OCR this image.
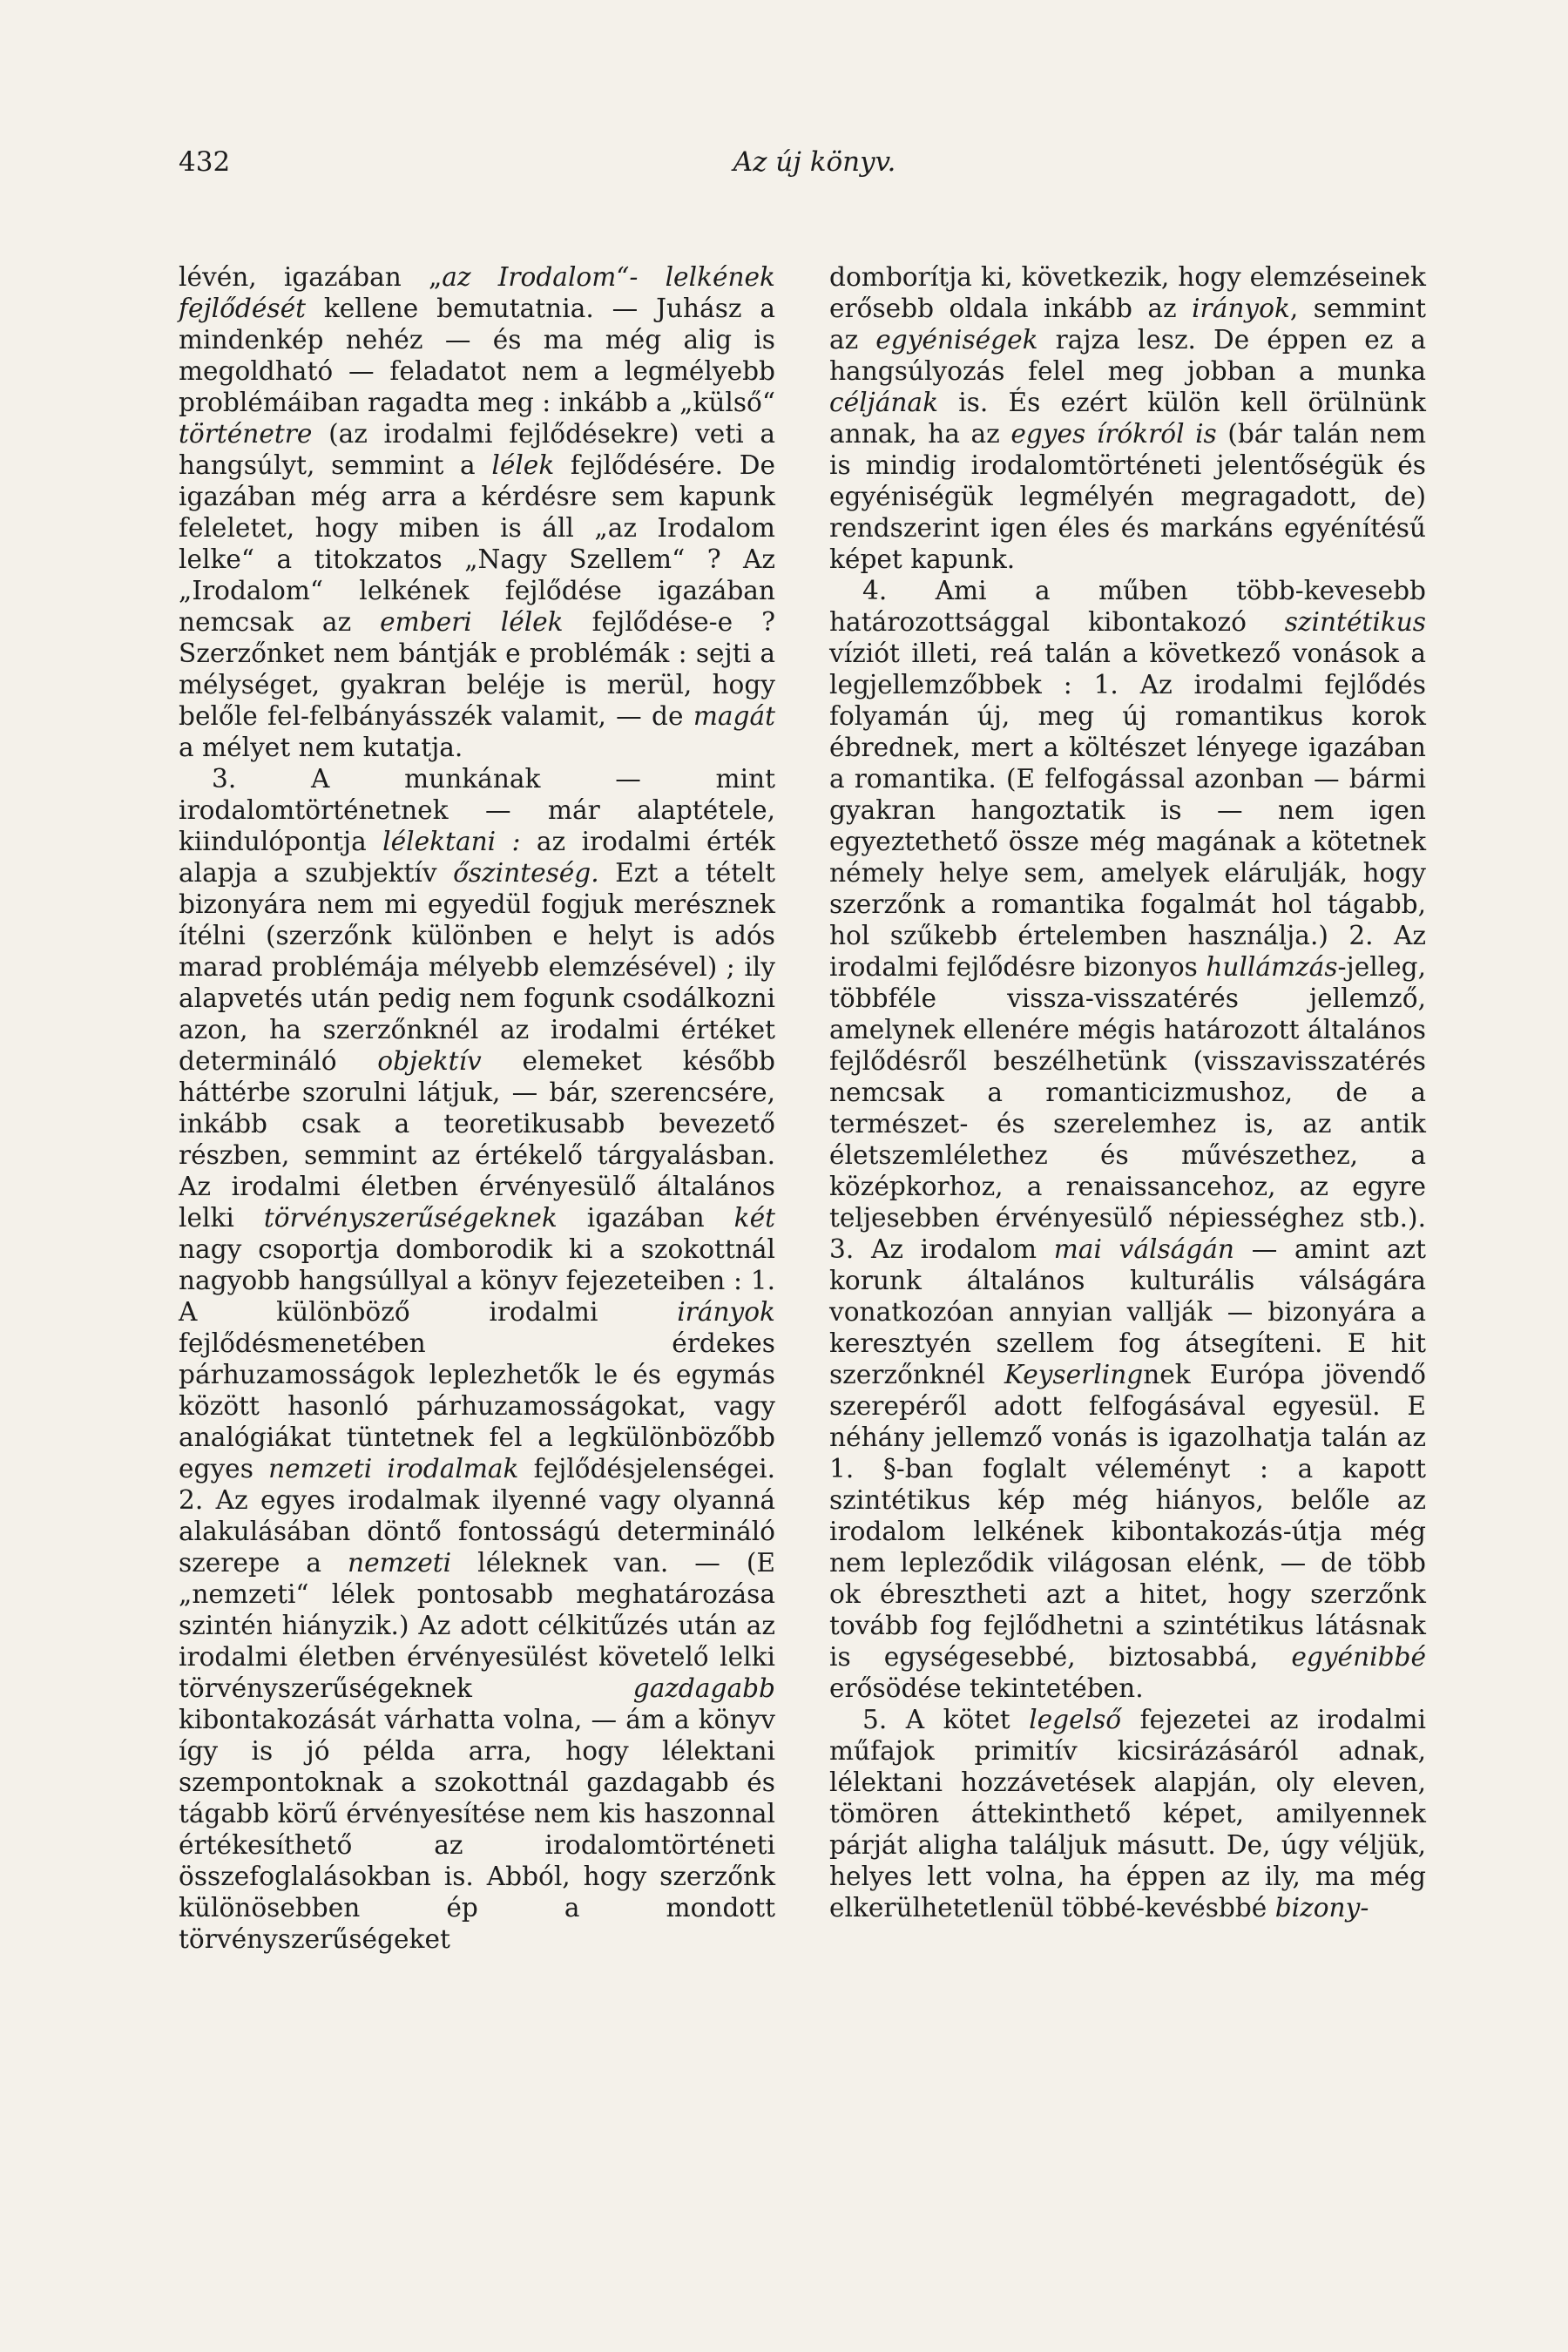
432	Az új könyv.

lévén, igazában „az Irodalom“- lelkének fejlődését kellene bemutatnia. — Juhász a mindenkép nehéz — és ma még alig is megoldható — feladatot nem a legmélyebb problémáiban ragadta meg : inkább a „külső“ történetre (az irodalmi fejlődésekre) veti a hangsúlyt, semmint a lélek fejlődésére. De igazában még arra a kérdésre sem kapunk feleletet, hogy miben is áll „az Irodalom lelke“ a titokzatos „Nagy Szellem“ ? Az „Irodalom“ lelkének fejlődése igazában nemcsak az emberi lélek fejlődése-e ? Szerzőnket nem bántják e problémák : sejti a mélységet, gyakran beléje is merül, hogy belőle fel-felbányásszék valamit, — de magát a mélyet nem kutatja.

3. A munkának — mint irodalomtörténetnek — már alaptétele, kiindulópontja lélektani : az irodalmi érték alapja a szubjektív őszinteség. Ezt a tételt bizonyára nem mi egyedül fogjuk merésznek ítélni (szerzőnk különben e helyt is adós marad problémája mélyebb elemzésével) ; ily alapvetés után pedig nem fogunk csodálkozni azon, ha szerzőnknél az irodalmi értéket determináló objektív elemeket később háttérbe szorulni látjuk, — bár, szerencsére, inkább csak a teoretikusabb bevezető részben, semmint az értékelő tárgyalásban. Az irodalmi életben érvényesülő általános lelki törvényszerűségeknek igazában két nagy csoportja domborodik ki a szokottnál nagyobb hangsúllyal a könyv fejezeteiben : 1. A különböző irodalmi irányok fejlődésmenetében érdekes párhuzamosságok leplezhetők le és egymás között hasonló párhuzamosságokat, vagy analógiákat tüntetnek fel a legkülönbözőbb egyes nemzeti irodalmak fejlődésjelenségei. 2. Az egyes irodalmak ilyenné vagy olyanná alakulásában döntő fontosságú determináló szerepe a nemzeti léleknek van. — (E „nemzeti“ lélek pontosabb meghatározása szintén hiányzik.) Az adott célkitűzés után az irodalmi életben érvényesülést követelő lelki törvényszerűségeknek gazdagabb kibontakozását várhatta volna, — ám a könyv így is jó példa arra, hogy lélektani szempontoknak a szokottnál gazdagabb és tágabb körű érvényesítése nem kis haszonnal értékesíthető az irodalomtörténeti összefoglalásokban is. Abból, hogy szerzőnk különösebben ép a mondott törvényszerűségeket

domborítja ki, következik, hogy elemzéseinek erősebb oldala inkább az irányok, semmint az egyéniségek rajza lesz. De éppen ez a hangsúlyozás felel meg jobban a munka céljának is. És ezért külön kell örülnünk annak, ha az egyes írókról is (bár talán nem is mindig irodalomtörténeti jelentőségük és egyéniségük legmélyén megragadott, de) rendszerint igen éles és markáns egyénítésű képet kapunk.

4. Ami a műben több-kevesebb határozottsággal kibontakozó szintétikus víziót illeti, reá talán a következő vonások a legjellemzőbbek : 1. Az irodalmi fejlődés folyamán új, meg új romantikus korok ébrednek, mert a költészet lényege igazában a romantika. (E felfogással azonban — bármi gyakran hangoztatik is — nem igen egyeztethető össze még magának a kötetnek némely helye sem, amelyek elárulják, hogy szerzőnk a romantika fogalmát hol tágabb, hol szűkebb értelemben használja.) 2. Az irodalmi fejlődésre bizonyos hullámzás-jelleg, többféle vissza-visszatérés jellemző, amelynek ellenére mégis határozott általános fejlődésről beszélhetünk (visszavisszatérés nemcsak a romanticizmushoz, de a természet- és szerelemhez is, az antik életszemlélethez és művészethez, a középkorhoz, a renaissancehoz, az egyre teljesebben érvényesülő népiességhez stb.). 3. Az irodalom mai válságán — amint azt korunk általános kulturális válságára vonatkozóan annyian vallják — bizonyára a keresztyén szellem fog átsegíteni. E hit szerzőnknél Keyserlingnek Európa jövendő szerepéről adott felfogásával egyesül. E néhány jellemző vonás is igazolhatja talán az 1. §-ban foglalt véleményt : a kapott szintétikus kép még hiányos, belőle az irodalom lelkének kibontakozás-útja még nem lepleződik világosan elénk, — de több ok ébresztheti azt a hitet, hogy szerzőnk tovább fog fejlődhetni a szintétikus látásnak is egységesebbé, biztosabbá, egyénibbé erősödése tekintetében.

5. A kötet legelső fejezetei az irodalmi műfajok primitív kicsirázásáról adnak, lélektani hozzávetések alapján, oly eleven, tömören áttekinthető képet, amilyennek párját aligha találjuk másutt. De, úgy véljük, helyes lett volna, ha éppen az ily, ma még elkerülhetetlenül többé-kevésbbé bizony-
